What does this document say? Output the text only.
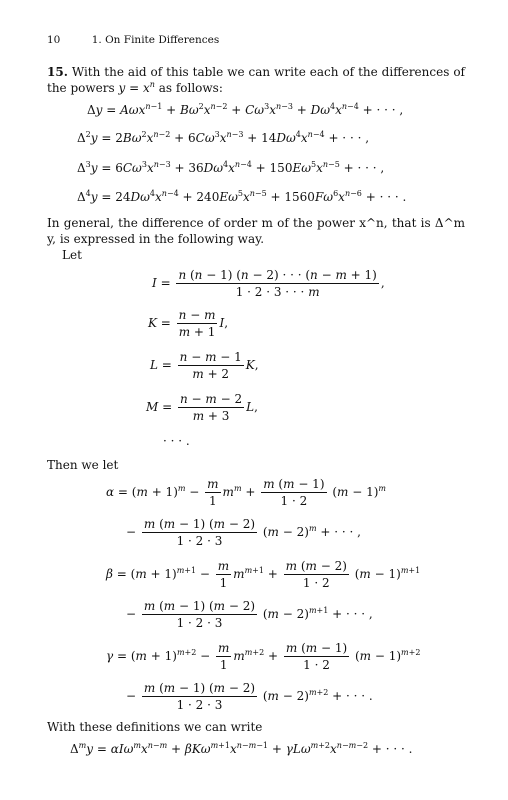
10	1. On Finite Differences
15. With the aid of this table we can write each of the differences of the powers $y = x^n$ as follows:
$\Delta y = A\omega x^{n-1} + B\omega^2x^{n-2} + C\omega^3x^{n-3} + D\omega^4x^{n-4}$ + · · · ,
$\Delta^2y = 2B\omega^2x^{n-2} + 6C\omega^3x^{n-3} + 14D\omega^4x^{n-4}$ + · · · ,
$\Delta^3y = 6C\omega^3x^{n-3} + 36D\omega^4x^{n-4} + 150E\omega^5x^{n-5}$ + · · · ,
$\Delta^4y = 24D\omega^4x^{n-4} + 240E\omega^5x^{n-5} + 1560F\omega^6x^{n-6}$ + · · · .
In general, the difference of order m of the power x^n, that is Δ^m y, is expressed in the following way.
Let
$I = \frac{n (n - 1) (n - 2) \cdot \cdot \cdot (n - m + 1)}{1 \cdot 2 \cdot 3 \cdot \cdot \cdot m}$ ,
$K = \frac{n - m}{m + 1} I$,
$L = \frac{n - m - 1}{m + 2} K$,
$M = \frac{n - m - 2}{m + 3} L$,
· · · .
Then we let
$\alpha = (m + 1)^m - \frac{m}{1} m^m + \frac{m (m - 1)}{1 \cdot 2} (m - 1)^m$
− $\frac{m (m - 1) (m - 2)}{1 \cdot 2 \cdot 3} (m - 2)^m$ + · · · ,
$\beta = (m + 1)^{m+1} - \frac{m}{1} m^{m+1} + \frac{m (m - 2)}{1 \cdot 2} (m - 1)^{m+1}$
− $\frac{m (m - 1) (m - 2)}{1 \cdot 2 \cdot 3} (m - 2)^{m+1}$ + · · · ,
$\gamma = (m + 1)^{m+2} - \frac{m}{1} m^{m+2} + \frac{m (m - 1)}{1 \cdot 2} (m - 1)^{m+2}$
− $\frac{m (m - 1) (m - 2)}{1 \cdot 2 \cdot 3} (m - 2)^{m+2}$ + · · · .
With these definitions we can write
$\Delta^my = \alpha I\omega^mx^{n-m} + \beta K\omega^{m+1}x^{n-m-1} + \gamma L\omega^{m+2}x^{n-m-2}$ + · · · .
